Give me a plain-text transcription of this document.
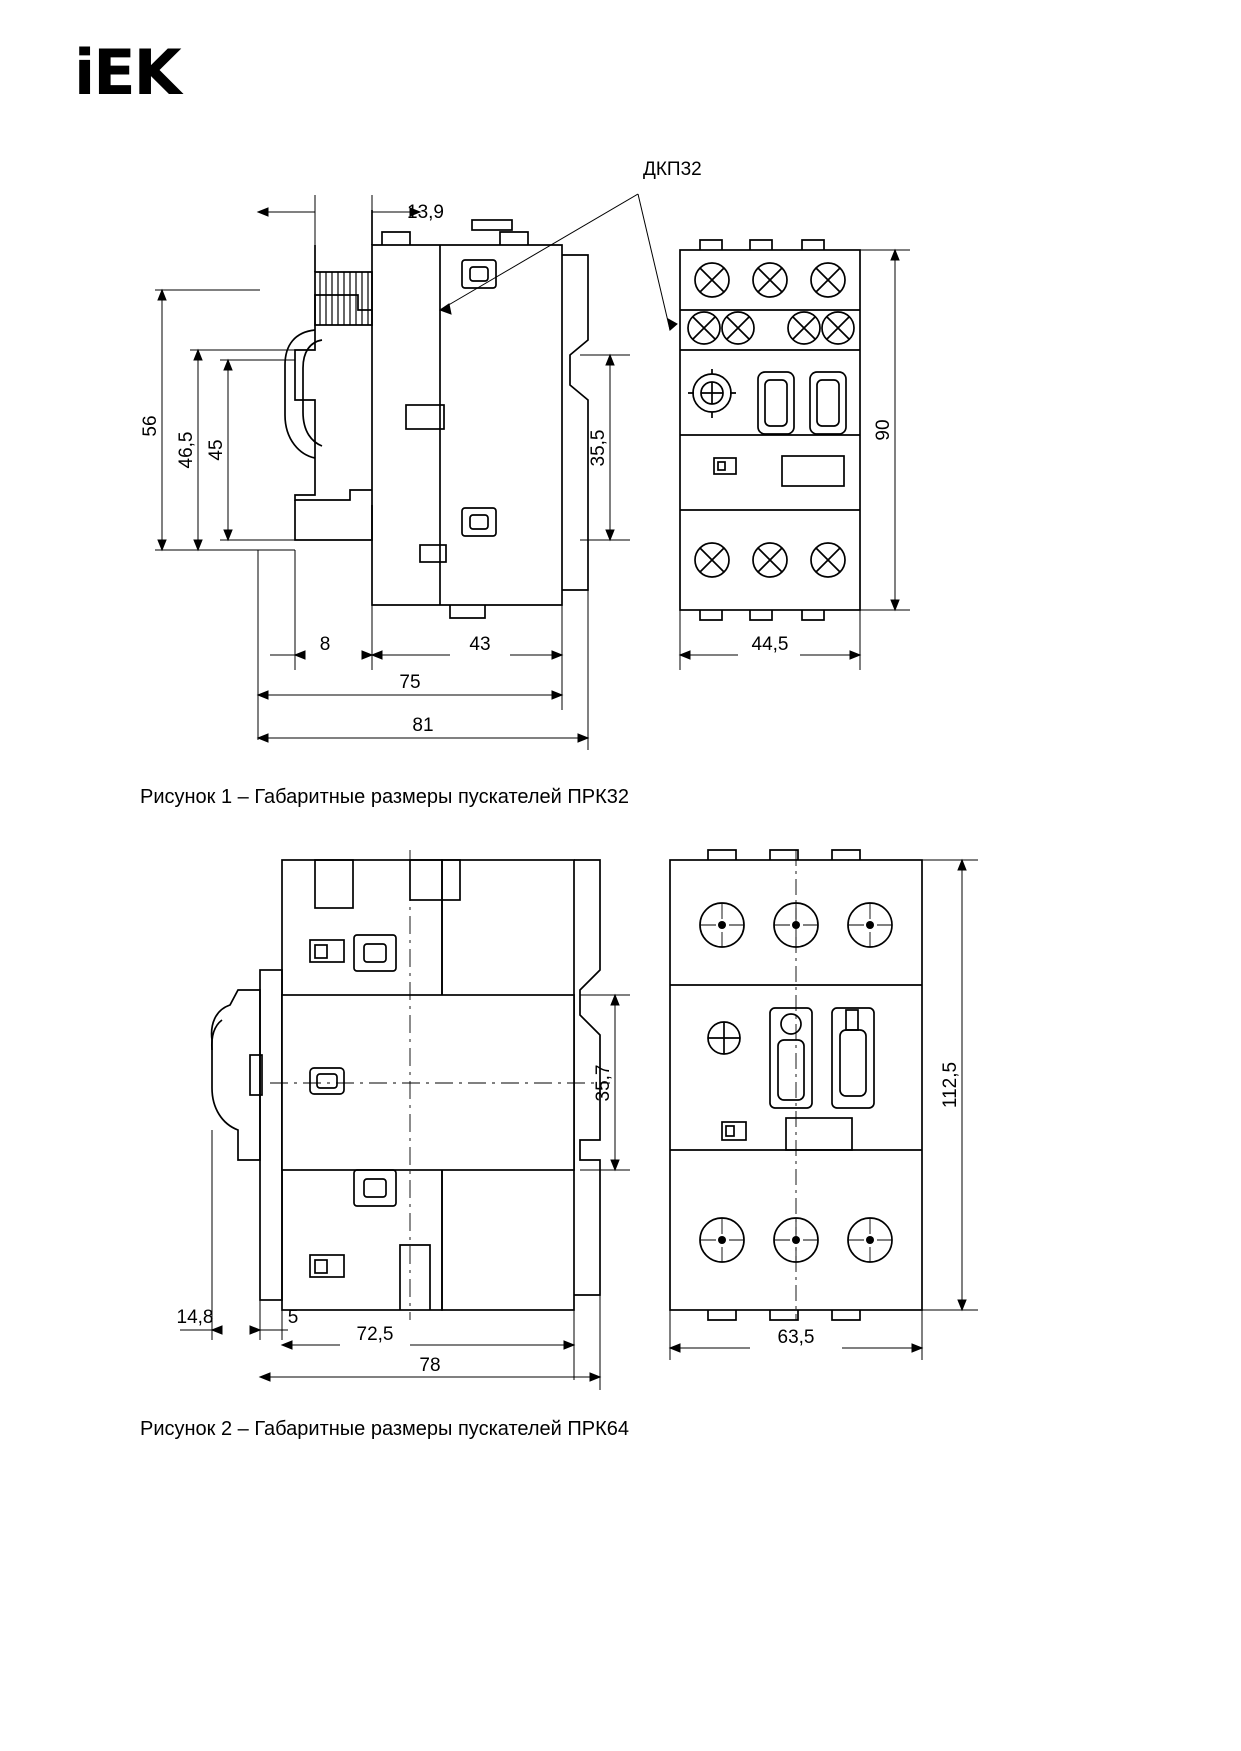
iEK
13,9
56
46,5 45	35,5
8	43
75
81
90
44,5
ДКП32
35,7
14,8	5
72,5
78
112,5
63,5
Рисунок 1 – Габаритные размеры пускателей ПРК32
Рисунок 2 – Габаритные размеры пускателей ПРК64
